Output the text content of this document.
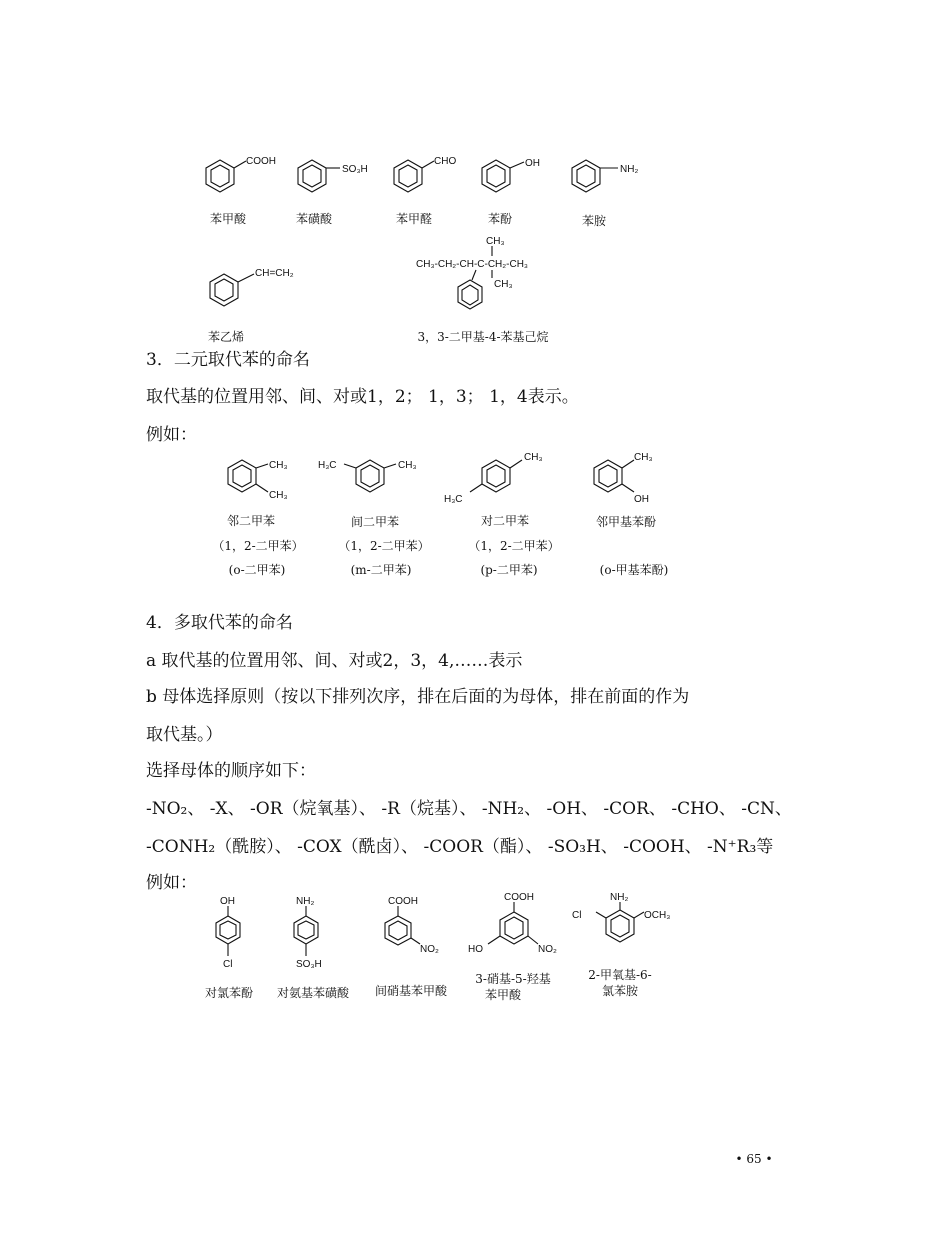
COOH
苯甲酸
SO₃H
苯磺酸
CHO
苯甲醛
OH
苯酚
NH₂
苯胺
CH=CH₂
苯乙烯
CH₃
CH₃-CH₂-CH-C-CH₂-CH₃
CH₃
3，3-二甲基-4-苯基己烷
3．二元取代苯的命名
取代基的位置用邻、间、对或1，2； 1，3； 1，4表示。
例如：
CH₃
CH₃
H₃C	CH₃
CH₃
H₃C
CH₃
OH
邻二甲苯	间二甲苯	对二甲苯	邻甲基苯酚
（1，2-二甲苯）	（1，2-二甲苯）	（1，2-二甲苯）
(o-二甲苯)	(m-二甲苯)	(p-二甲苯)	(o-甲基苯酚)
4．多取代苯的命名
a 取代基的位置用邻、间、对或2，3，4,……表示
b 母体选择原则（按以下排列次序，排在后面的为母体，排在前面的作为
取代基。）
选择母体的顺序如下：
-NO₂、 -X、 -OR（烷氧基）、 -R（烷基）、 -NH₂、 -OH、 -COR、 -CHO、 -CN、
-CONH₂（酰胺）、 -COX（酰卤）、 -COOR（酯）、 -SO₃H、 -COOH、 -N⁺R₃等
例如：
OH
Cl
NH₂
SO₃H
COOH
NO₂
COOH
HO	NO₂
NH₂
Cl	OCH₃
对氯苯酚	对氨基苯磺酸	间硝基苯甲酸
3-硝基-5-羟基
苯甲酸
2-甲氧基-6-
氯苯胺
• 65 •
